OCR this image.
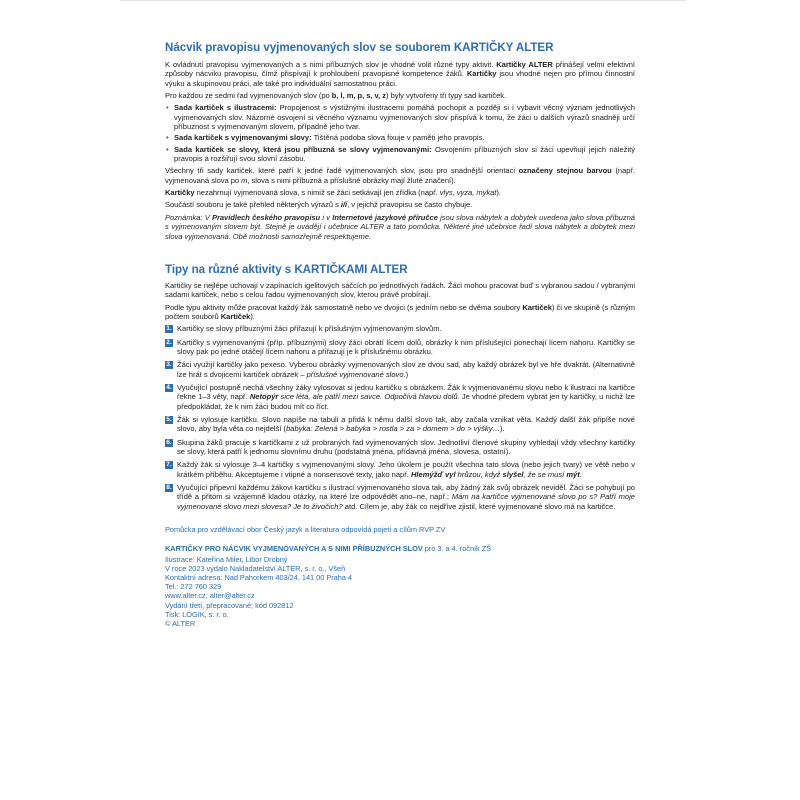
Nácvik pravopisu vyjmenovaných slov se souborem KARTIČKY ALTER

K ovládnutí pravopisu vyjmenovaných a s nimi příbuzných slov je vhodné volit různé typy aktivit. Kartičky ALTER přinášejí velmi efektivní způsoby nácviku pravopisu, čímž přispívají k prohloubení pravopisné kompetence žáků. Kartičky jsou vhodné nejen pro přímou činnostní výuku a skupinovou práci, ale také pro individuální samostatnou práci.

Pro každou ze sedmi řad vyjmenovaných slov (po b, l, m, p, s, v, z) byly vytvořeny tři typy sad kartiček.

• Sada kartiček s ilustracemi: Propojenost s výstižnými ilustracemi pomáhá pochopit a později si i vybavit věcný význam jednotlivých vyjmenovaných slov. Názorné osvojení si věcného významu vyjmenovaných slov přispívá k tomu, že žáci u dalších výrazů snadněji určí příbuznost s vyjmenovaným slovem, případně jeho tvar.
• Sada kartiček s vyjmenovanými slovy: Tištěná podoba slova fixuje v paměti jeho pravopis.
• Sada kartiček se slovy, která jsou příbuzná se slovy vyjmenovanými: Osvojením příbuzných slov si žáci upevňují jejich náležitý pravopis a rozšiřují svou slovní zásobu.

Všechny tři sady kartiček, které patří k jedné řadě vyjmenovaných slov, jsou pro snadnější orientaci označeny stejnou barvou (např. vyjmenovaná slova po m, slova s nimi příbuzná a příslušné obrázky mají žluté značení).

Kartičky nezahrnují vyjmenovaná slova, s nimiž se žáci setkávají jen zřídka (např. vlys, vyza, mykat).

Součástí souboru je také přehled některých výrazů s i/í, v jejichž pravopisu se často chybuje.

Poznámka: V Pravidlech českého pravopisu i v Internetové jazykové příručce jsou slova nábytek a dobytek uvedena jako slova příbuzná s vyjmenovaným slovem být. Stejně je uvádějí i učebnice ALTER a tato pomůcka. Některé jiné učebnice řadí slova nábytek a dobytek mezi slova vyjmenovaná. Obě možnosti samozřejmě respektujeme.

Tipy na různé aktivity s KARTIČKAMI ALTER

Kartičky se nejlépe uchovají v zapínacích igelitových sáčcích po jednotlivých řadách. Žáci mohou pracovat buď s vybranou sadou / vybranými sadami kartiček, nebo s celou řadou vyjmenovaných slov, kterou právě probírají.

Podle typu aktivity může pracovat každý žák samostatně nebo ve dvojici (s jedním nebo se dvěma soubory Kartiček) či ve skupině (s různým počtem souborů Kartiček).

1. Kartičky se slovy příbuznými žáci přiřazují k příslušným vyjmenovaným slovům.
2. Kartičky s vyjmenovanými (příp. příbuznými) slovy žáci obrátí lícem dolů, obrázky k nim příslušející ponechají lícem nahoru. Kartičky se slovy pak po jedné otáčejí lícem nahoru a přiřazují je k příslušnému obrázku.
3. Žáci využijí kartičky jako pexeso. Vyberou obrázky vyjmenovaných slov ze dvou sad, aby každý obrázek byl ve hře dvakrát. (Alternativně lze hrát s dvojicemi kartiček obrázek – příslušné vyjmenované slovo.)
4. Vyučující postupně nechá všechny žáky vylosovat si jednu kartičku s obrázkem. Žák k vyjmenovanému slovu nebo k ilustraci na kartičce řekne 1–3 věty, např. Netopýr sice létá, ale patří mezi savce. Odpočívá hlavou dolů. Je vhodné předem vybrat jen ty kartičky, u nichž lze předpokládat, že k nim žáci budou mít co říct.
5. Žák si vylosuje kartičku. Slovo napíše na tabuli a přidá k němu další slovo tak, aby začala vznikat věta. Každý další žák připíše nové slovo, aby byla věta co nejdelší (babyka: Zelená > babyka > rostla > za > domem > do > výšky…).
6. Skupina žáků pracuje s kartičkami z už probraných řad vyjmenovaných slov. Jednotliví členové skupiny vyhledají vždy všechny kartičky se slovy, která patří k jednomu slovnímu druhu (podstatná jména, přídavná jména, slovesa, ostatní).
7. Každý žák si vylosuje 3–4 kartičky s vyjmenovanými slovy. Jeho úkolem je použít všechna tato slova (nebo jejich tvary) ve větě nebo v krátkém příběhu. Akceptujeme i vtipné a nonsensové texty, jako např. Hlemýžď vyl hrůzou, když slyšel, že se musí mýt.
8. Vyučující připevní každému žákovi kartičku s ilustrací vyjmenovaného slova tak, aby žádný žák svůj obrázek neviděl. Žáci se pohybují po třídě a přitom si vzájemně kladou otázky, na které lze odpovědět ano–ne, např.: Mám na kartičce vyjmenované slovo po s? Patří moje vyjmenované slovo mezi slovesa? Je to živočich? atd. Cílem je, aby žák co nejdříve zjistil, které vyjmenované slovo má na kartičce.

Pomůcka pro vzdělávací obor Český jazyk a literatura odpovídá pojetí a cílům RVP ZV

KARTIČKY PRO NÁCVIK VYJMENOVANÝCH A S NIMI PŘÍBUZNÝCH SLOV pro 3. a 4. ročník ZŠ

Ilustrace: Kateřina Miler, Libor Drobný

V roce 2023 vydalo Nakladatelství ALTER, s. r. o., Všeň

Kontaktní adresa: Nad Pahorkem 403/24, 141 00 Praha 4

Tel.: 272 760 329

www.alter.cz; alter@alter.cz

Vydání třetí, přepracované; kód 092812

Tisk: LOGIK, s. r. o.

© ALTER
